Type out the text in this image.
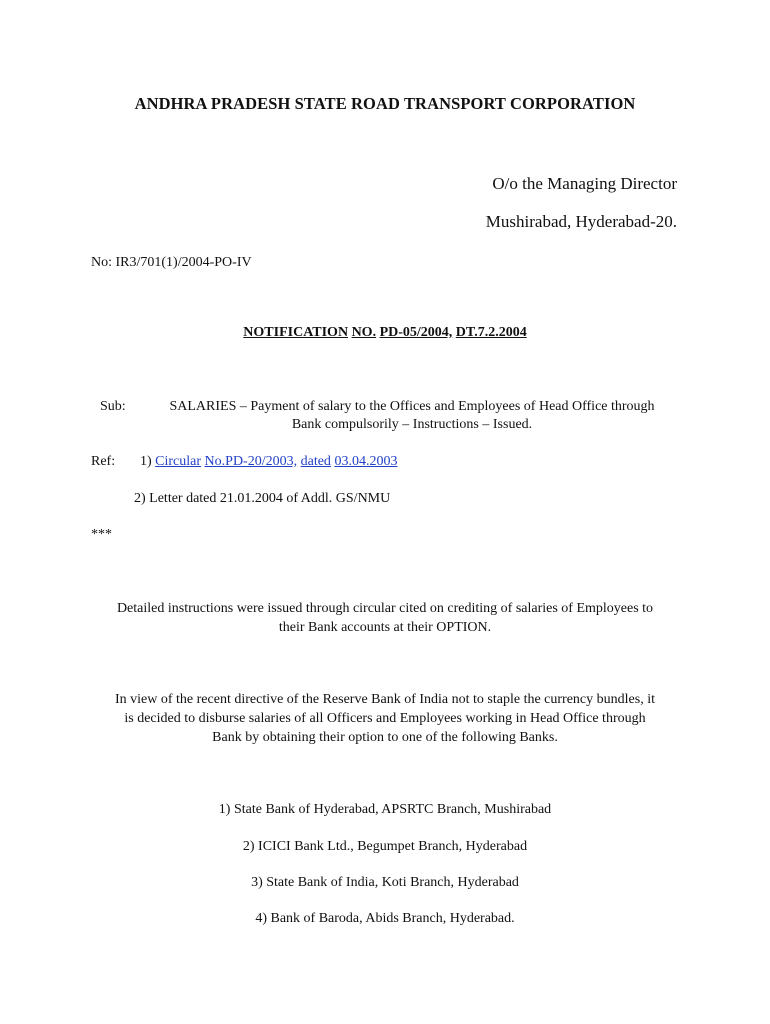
ANDHRA PRADESH STATE ROAD TRANSPORT CORPORATION
O/o the Managing Director
Mushirabad, Hyderabad-20.
No: IR3/701(1)/2004-PO-IV
NOTIFICATION NO. PD-05/2004, DT.7.2.2004
Sub:	SALARIES – Payment of salary to the Offices and Employees of Head Office through
Bank compulsorily – Instructions – Issued.
Ref: 1) Circular No.PD-20/2003, dated 03.04.2003
2) Letter dated 21.01.2004 of Addl. GS/NMU
***
Detailed instructions were issued through circular cited on crediting of salaries of Employees to
their Bank accounts at their OPTION.
In view of the recent directive of the Reserve Bank of India not to staple the currency bundles, it
is decided to disburse salaries of all Officers and Employees working in Head Office through
Bank by obtaining their option to one of the following Banks.
1) State Bank of Hyderabad, APSRTC Branch, Mushirabad
2) ICICI Bank Ltd., Begumpet Branch, Hyderabad
3) State Bank of India, Koti Branch, Hyderabad
4) Bank of Baroda, Abids Branch, Hyderabad.
